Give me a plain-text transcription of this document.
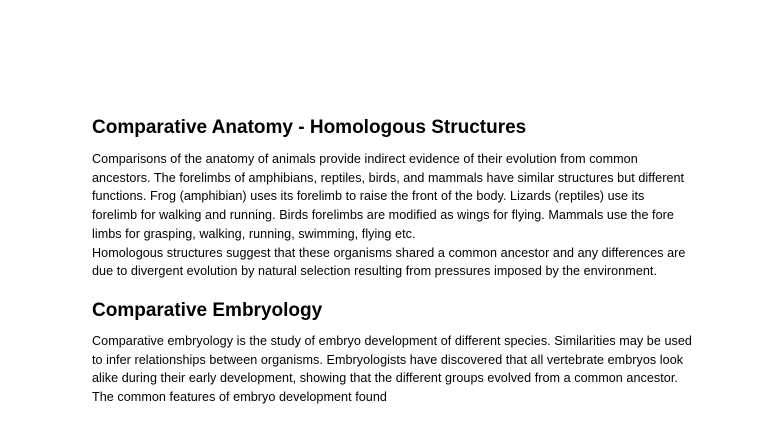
Comparative Anatomy - Homologous Structures

Comparisons of the anatomy of animals provide indirect evidence of their evolution from common ancestors. The forelimbs of amphibians, reptiles, birds, and mammals have similar structures but different functions. Frog (amphibian) uses its forelimb to raise the front of the body. Lizards (reptiles) use its forelimb for walking and running. Birds forelimbs are modified as wings for flying. Mammals use the fore limbs for grasping, walking, running, swimming, flying etc.

Homologous structures suggest that these organisms shared a common ancestor and any differences are due to divergent evolution by natural selection resulting from pressures imposed by the environment.

Comparative Embryology

Comparative embryology is the study of embryo development of different species. Similarities may be used to infer relationships between organisms. Embryologists have discovered that all vertebrate embryos look alike during their early development, showing that the different groups evolved from a common ancestor. The common features of embryo development found
